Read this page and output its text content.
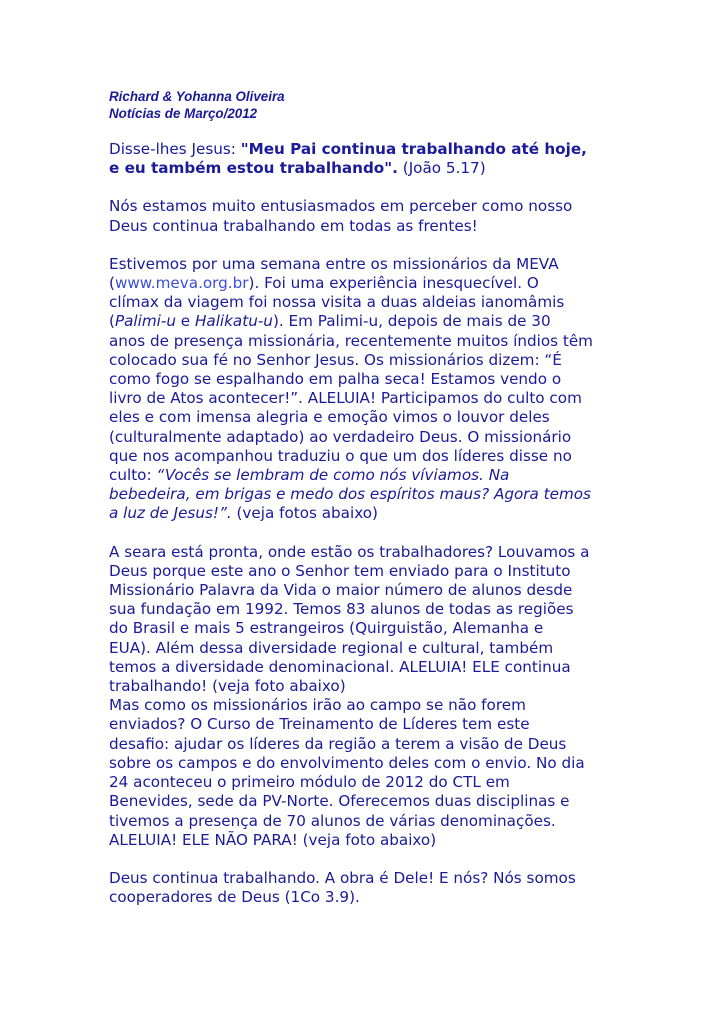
Richard & Yohanna Oliveira
Notícias de Março/2012
Disse-lhes Jesus: "Meu Pai continua trabalhando até hoje,
e eu também estou trabalhando". (João 5.17)
Nós estamos muito entusiasmados em perceber como nosso
Deus continua trabalhando em todas as frentes!
Estivemos por uma semana entre os missionários da MEVA
(www.meva.org.br). Foi uma experiência inesquecível. O
clímax da viagem foi nossa visita a duas aldeias ianomâmis
(Palimi-u e Halikatu-u). Em Palimi-u, depois de mais de 30
anos de presença missionária, recentemente muitos índios têm
colocado sua fé no Senhor Jesus. Os missionários dizem: “É
como fogo se espalhando em palha seca! Estamos vendo o
livro de Atos acontecer!”. ALELUIA! Participamos do culto com
eles e com imensa alegria e emoção vimos o louvor deles
(culturalmente adaptado) ao verdadeiro Deus. O missionário
que nos acompanhou traduziu o que um dos líderes disse no
culto: “Vocês se lembram de como nós víviamos. Na
bebedeira, em brigas e medo dos espíritos maus? Agora temos
a luz de Jesus!”. (veja fotos abaixo)
A seara está pronta, onde estão os trabalhadores? Louvamos a
Deus porque este ano o Senhor tem enviado para o Instituto
Missionário Palavra da Vida o maior número de alunos desde
sua fundação em 1992. Temos 83 alunos de todas as regiões
do Brasil e mais 5 estrangeiros (Quirguistão, Alemanha e
EUA). Além dessa diversidade regional e cultural, também
temos a diversidade denominacional. ALELUIA! ELE continua
trabalhando! (veja foto abaixo)
Mas como os missionários irão ao campo se não forem
enviados? O Curso de Treinamento de Líderes tem este
desafio: ajudar os líderes da região a terem a visão de Deus
sobre os campos e do envolvimento deles com o envio. No dia
24 aconteceu o primeiro módulo de 2012 do CTL em
Benevides, sede da PV-Norte. Oferecemos duas disciplinas e
tivemos a presença de 70 alunos de várias denominações.
ALELUIA! ELE NÃO PARA! (veja foto abaixo)
Deus continua trabalhando. A obra é Dele! E nós? Nós somos
cooperadores de Deus (1Co 3.9).
